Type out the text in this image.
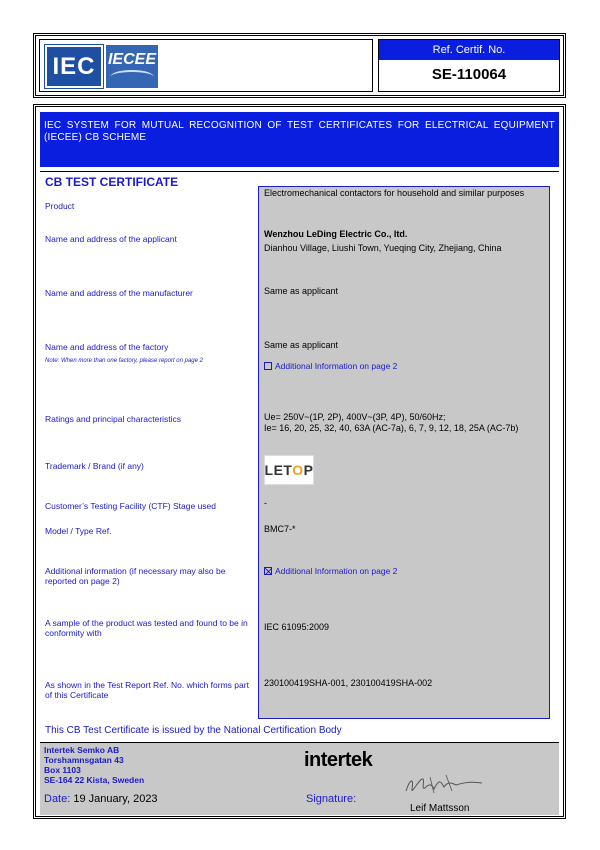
IEC IECEE
Ref. Certif. No.
SE-110064
IEC SYSTEM FOR MUTUAL RECOGNITION OF TEST CERTIFICATES FOR ELECTRICAL EQUIPMENT (IECEE) CB SCHEME
CB TEST CERTIFICATE
Product
Electromechanical contactors for household and similar purposes
Name and address of the applicant	Wenzhou LeDing Electric Co., ltd.
Dianhou Village, Liushi Town, Yueqing City, Zhejiang, China
Name and address of the manufacturer	Same as applicant
Name and address of the factory
Note: When more than one factory, please report on page 2
Same as applicant
Additional Information on page 2
Ratings and principal characteristics	Ue= 250V~(1P, 2P), 400V~(3P, 4P), 50/60Hz;
Ie= 16, 20, 25, 32, 40, 63A (AC-7a), 6, 7, 9, 12, 18, 25A (AC-7b)
Trademark / Brand (if any)	LETOP
Customer’s Testing Facility (CTF) Stage used	-
Model / Type Ref.	BMC7-*
Additional information (if necessary may also be reported on page 2)
Additional Information on page 2
A sample of the product was tested and found to be in conformity with
IEC 61095:2009
As shown in the Test Report Ref. No. which forms part of this Certificate
230100419SHA-001, 230100419SHA-002
This CB Test Certificate is issued by the National Certification Body
Intertek Semko AB
Torshamnsgatan 43
Box 1103
SE-164 22 Kista, Sweden
Date: 19 January, 2023
intertek
Signature:
Leif Mattsson
